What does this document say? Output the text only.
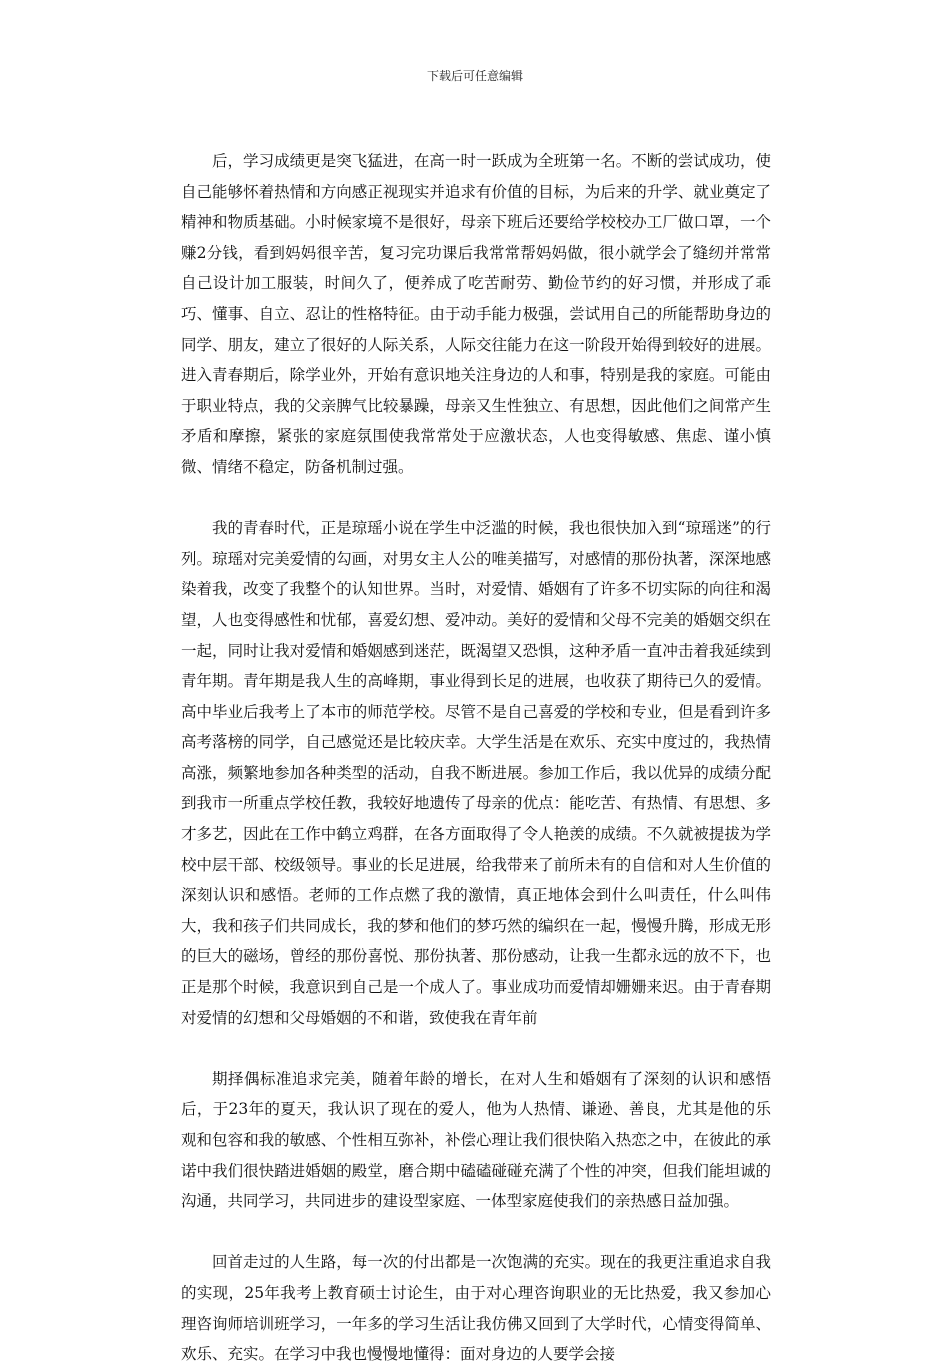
下载后可任意编辑

后，学习成绩更是突飞猛进，在高一时一跃成为全班第一名。不断的尝试成功，使自己能够怀着热情和方向感正视现实并追求有价值的目标，为后来的升学、就业奠定了精神和物质基础。小时候家境不是很好，母亲下班后还要给学校校办工厂做口罩，一个赚2分钱，看到妈妈很辛苦，复习完功课后我常常帮妈妈做，很小就学会了缝纫并常常自己设计加工服装，时间久了，便养成了吃苦耐劳、勤俭节约的好习惯，并形成了乖巧、懂事、自立、忍让的性格特征。由于动手能力极强，尝试用自己的所能帮助身边的同学、朋友，建立了很好的人际关系，人际交往能力在这一阶段开始得到较好的进展。进入青春期后，除学业外，开始有意识地关注身边的人和事，特别是我的家庭。可能由于职业特点，我的父亲脾气比较暴躁，母亲又生性独立、有思想，因此他们之间常产生矛盾和摩擦，紧张的家庭氛围使我常常处于应激状态，人也变得敏感、焦虑、谨小慎微、情绪不稳定，防备机制过强。

我的青春时代，正是琼瑶小说在学生中泛滥的时候，我也很快加入到“琼瑶迷”的行列。琼瑶对完美爱情的勾画，对男女主人公的唯美描写，对感情的那份执著，深深地感染着我，改变了我整个的认知世界。当时，对爱情、婚姻有了许多不切实际的向往和渴望，人也变得感性和忧郁，喜爱幻想、爱冲动。美好的爱情和父母不完美的婚姻交织在一起，同时让我对爱情和婚姻感到迷茫，既渴望又恐惧，这种矛盾一直冲击着我延续到青年期。青年期是我人生的高峰期，事业得到长足的进展，也收获了期待已久的爱情。高中毕业后我考上了本市的师范学校。尽管不是自己喜爱的学校和专业，但是看到许多高考落榜的同学，自己感觉还是比较庆幸。大学生活是在欢乐、充实中度过的，我热情高涨，频繁地参加各种类型的活动，自我不断进展。参加工作后，我以优异的成绩分配到我市一所重点学校任教，我较好地遗传了母亲的优点：能吃苦、有热情、有思想、多才多艺，因此在工作中鹤立鸡群，在各方面取得了令人艳羡的成绩。不久就被提拔为学校中层干部、校级领导。事业的长足进展，给我带来了前所未有的自信和对人生价值的深刻认识和感悟。老师的工作点燃了我的激情，真正地体会到什么叫责任，什么叫伟大，我和孩子们共同成长，我的梦和他们的梦巧然的编织在一起，慢慢升腾，形成无形的巨大的磁场，曾经的那份喜悦、那份执著、那份感动，让我一生都永远的放不下，也正是那个时候，我意识到自己是一个成人了。事业成功而爱情却姗姗来迟。由于青春期对爱情的幻想和父母婚姻的不和谐，致使我在青年前

期择偶标准追求完美，随着年龄的增长，在对人生和婚姻有了深刻的认识和感悟后，于23年的夏天，我认识了现在的爱人，他为人热情、谦逊、善良，尤其是他的乐观和包容和我的敏感、个性相互弥补，补偿心理让我们很快陷入热恋之中，在彼此的承诺中我们很快踏进婚姻的殿堂，磨合期中磕磕碰碰充满了个性的冲突，但我们能坦诚的沟通，共同学习，共同进步的建设型家庭、一体型家庭使我们的亲热感日益加强。

回首走过的人生路，每一次的付出都是一次饱满的充实。现在的我更注重追求自我的实现，25年我考上教育硕士讨论生，由于对心理咨询职业的无比热爱，我又参加心理咨询师培训班学习，一年多的学习生活让我仿佛又回到了大学时代，心情变得简单、欢乐、充实。在学习中我也慢慢地懂得：面对身边的人要学会接
